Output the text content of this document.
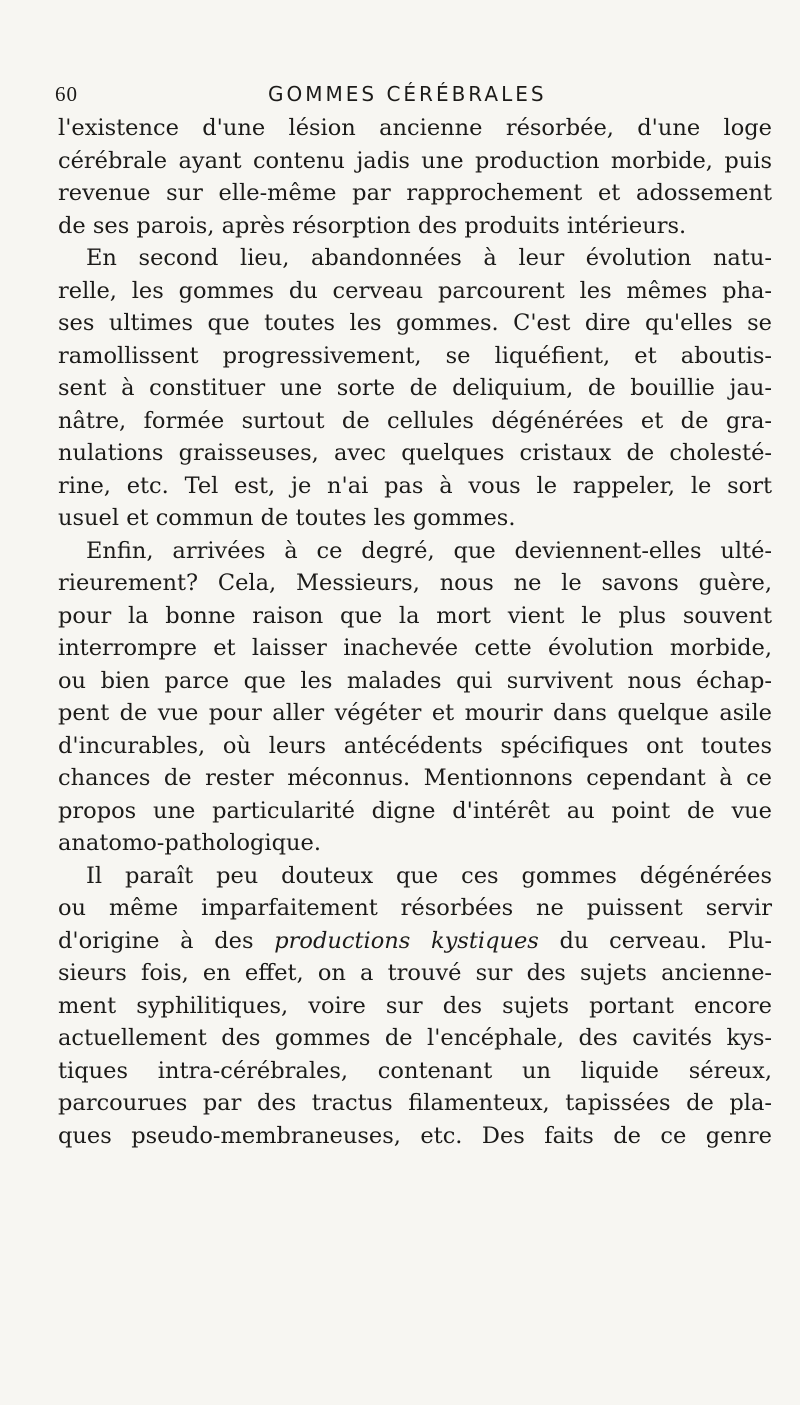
60	GOMMES CÉRÉBRALES
l'existence d'une lésion ancienne résorbée, d'une loge
cérébrale ayant contenu jadis une production morbide, puis
revenue sur elle-même par rapprochement et adossement
de ses parois, après résorption des produits intérieurs.
En second lieu, abandonnées à leur évolution natu-
relle, les gommes du cerveau parcourent les mêmes pha-
ses ultimes que toutes les gommes. C'est dire qu'elles se
ramollissent progressivement, se liquéfient, et aboutis-
sent à constituer une sorte de deliquium, de bouillie jau-
nâtre, formée surtout de cellules dégénérées et de gra-
nulations graisseuses, avec quelques cristaux de cholesté-
rine, etc. Tel est, je n'ai pas à vous le rappeler, le sort
usuel et commun de toutes les gommes.
Enfin, arrivées à ce degré, que deviennent-elles ulté-
rieurement? Cela, Messieurs, nous ne le savons guère,
pour la bonne raison que la mort vient le plus souvent
interrompre et laisser inachevée cette évolution morbide,
ou bien parce que les malades qui survivent nous échap-
pent de vue pour aller végéter et mourir dans quelque asile
d'incurables, où leurs antécédents spécifiques ont toutes
chances de rester méconnus. Mentionnons cependant à ce
propos une particularité digne d'intérêt au point de vue
anatomo-pathologique.
Il paraît peu douteux que ces gommes dégénérées
ou même imparfaitement résorbées ne puissent servir
d'origine à des productions kystiques du cerveau. Plu-
sieurs fois, en effet, on a trouvé sur des sujets ancienne-
ment syphilitiques, voire sur des sujets portant encore
actuellement des gommes de l'encéphale, des cavités kys-
tiques intra-cérébrales, contenant un liquide séreux,
parcourues par des tractus filamenteux, tapissées de pla-
ques pseudo-membraneuses, etc. Des faits de ce genre
